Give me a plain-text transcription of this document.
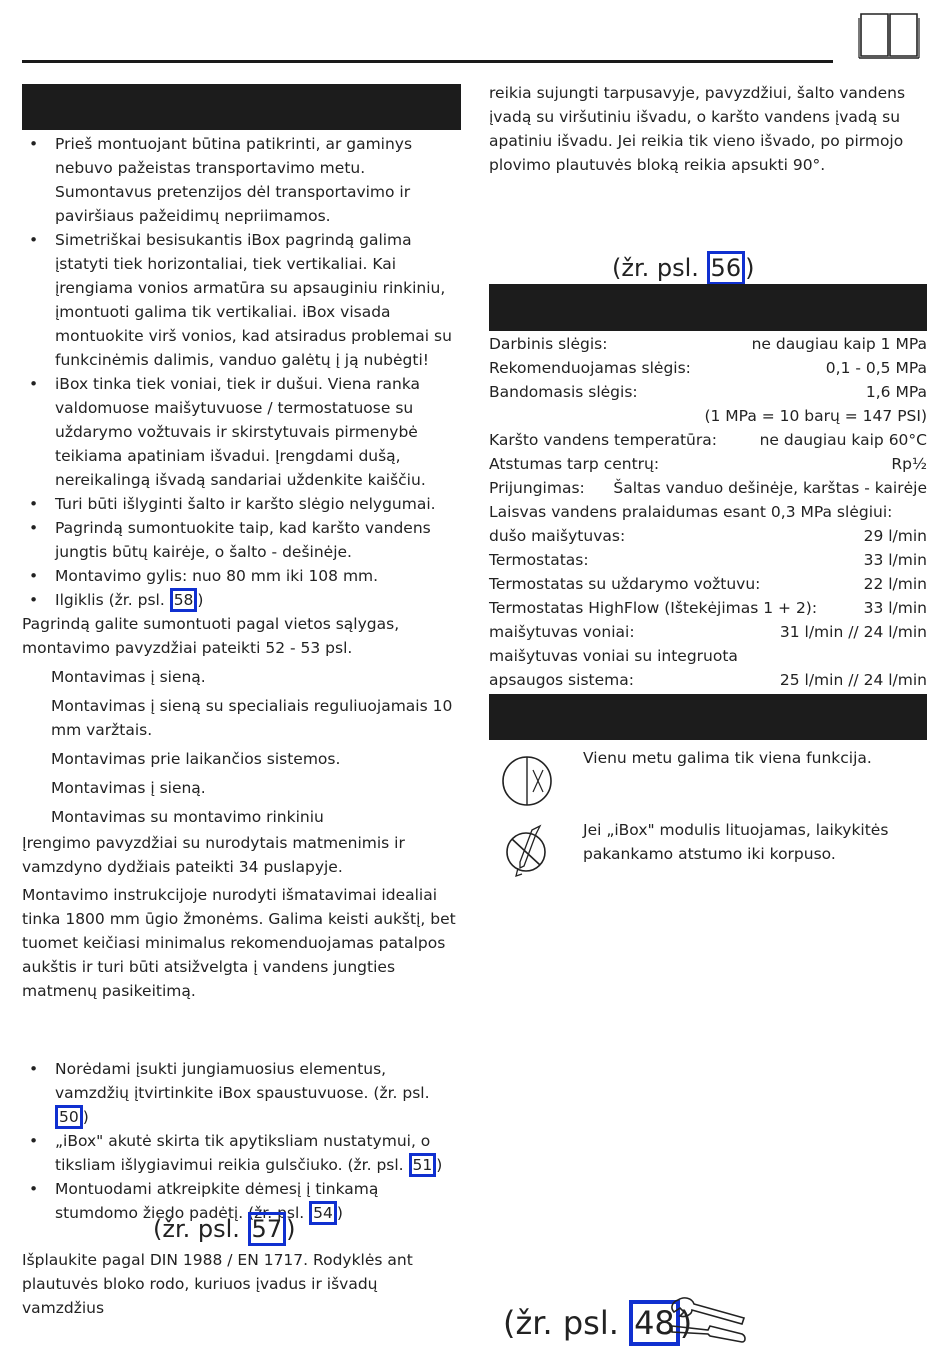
• Prieš montuojant būtina patikrinti, ar gaminys nebuvo pažeistas transportavimo metu. Sumontavus pretenzijos dėl transportavimo ir paviršiaus pažeidimų nepriimamos.
• Simetriškai besisukantis iBox pagrindą galima įstatyti tiek horizontaliai, tiek vertikaliai. Kai įrengiama vonios armatūra su apsauginiu rinkiniu, įmontuoti galima tik vertikaliai. iBox visada montuokite virš vonios, kad atsiradus problemai su funkcinėmis dalimis, vanduo galėtų į ją nubėgti!
• iBox tinka tiek voniai, tiek ir dušui. Viena ranka valdomuose maišytuvuose / termostatuose su uždarymo vožtuvais ir skirstytuvais pirmenybė teikiama apatiniam išvadui. Įrengdami dušą, nereikalingą išvadą sandariai uždenkite kaiščiu.
• Turi būti išlyginti šalto ir karšto slėgio nelygumai.
• Pagrindą sumontuokite taip, kad karšto vandens jungtis būtų kairėje, o šalto - dešinėje.
• Montavimo gylis: nuo 80 mm iki 108 mm.
• Ilgiklis (žr. psl. 58 )

Pagrindą galite sumontuoti pagal vietos sąlygas, montavimo pavyzdžiai pateikti 52 - 53 psl.

Montavimas į sieną.

Montavimas į sieną su specialiais reguliuojamais 10 mm varžtais.

Montavimas prie laikančios sistemos.

Montavimas į sieną.

Montavimas su montavimo rinkiniu

Įrengimo pavyzdžiai su nurodytais matmenimis ir vamzdyno dydžiais pateikti 34 puslapyje.

Montavimo instrukcijoje nurodyti išmatavimai idealiai tinka 1800 mm ūgio žmonėms. Galima keisti aukštį, bet tuomet keičiasi minimalus rekomenduojamas patalpos aukštis ir turi būti atsižvelgta į vandens jungties matmenų pasikeitimą.

• Norėdami įsukti jungiamuosius elementus, vamzdžių įtvirtinkite iBox spaustuvuose. (žr. psl. 50 )
• „iBox" akutė skirta tik apytiksliam nustatymui, o tiksliam išlygiavimui reikia gulsčiuko. (žr. psl. 51 )
• Montuodami atkreipkite dėmesį į tinkamą stumdomo žiedo padėtį. (žr. psl. 54 )
(žr. psl. 57 )

Išplaukite pagal DIN 1988 / EN 1717. Rodyklės ant plautuvės bloko rodo, kuriuos įvadus ir išvadų vamzdžius

reikia sujungti tarpusavyje, pavyzdžiui, šalto vandens įvadą su viršutiniu išvadu, o karšto vandens įvadą su apatiniu išvadu. Jei reikia tik vieno išvado, po pirmojo plovimo plautuvės bloką reikia apsukti 90°.

(žr. psl. 56 )
Darbinis slėgis:	ne daugiau kaip 1 MPa
Rekomenduojamas slėgis:	0,1 - 0,5 MPa
Bandomasis slėgis:	1,6 MPa
(1 MPa = 10 barų = 147 PSI)
Karšto vandens temperatūra:	ne daugiau kaip 60°C
Atstumas tarp centrų:	Rp½
Prijungimas: Šaltas vanduo dešinėje, karštas - kairėje
Laisvas vandens pralaidumas esant 0,3 MPa slėgiui:
dušo maišytuvas:	29 l/min
Termostatas:	33 l/min
Termostatas su uždarymo vožtuvu:	22 l/min
Termostatas HighFlow (Ištekėjimas 1 + 2):	33 l/min
maišytuvas voniai:	31 l/min // 24 l/min
maišytuvas voniai su integruota
apsaugos sistema:	25 l/min // 24 l/min

Vienu metu galima tik viena funkcija.

Jei „iBox" modulis lituojamas, laikykitės pakankamo atstumo iki korpuso.

(žr. psl. 48 )
